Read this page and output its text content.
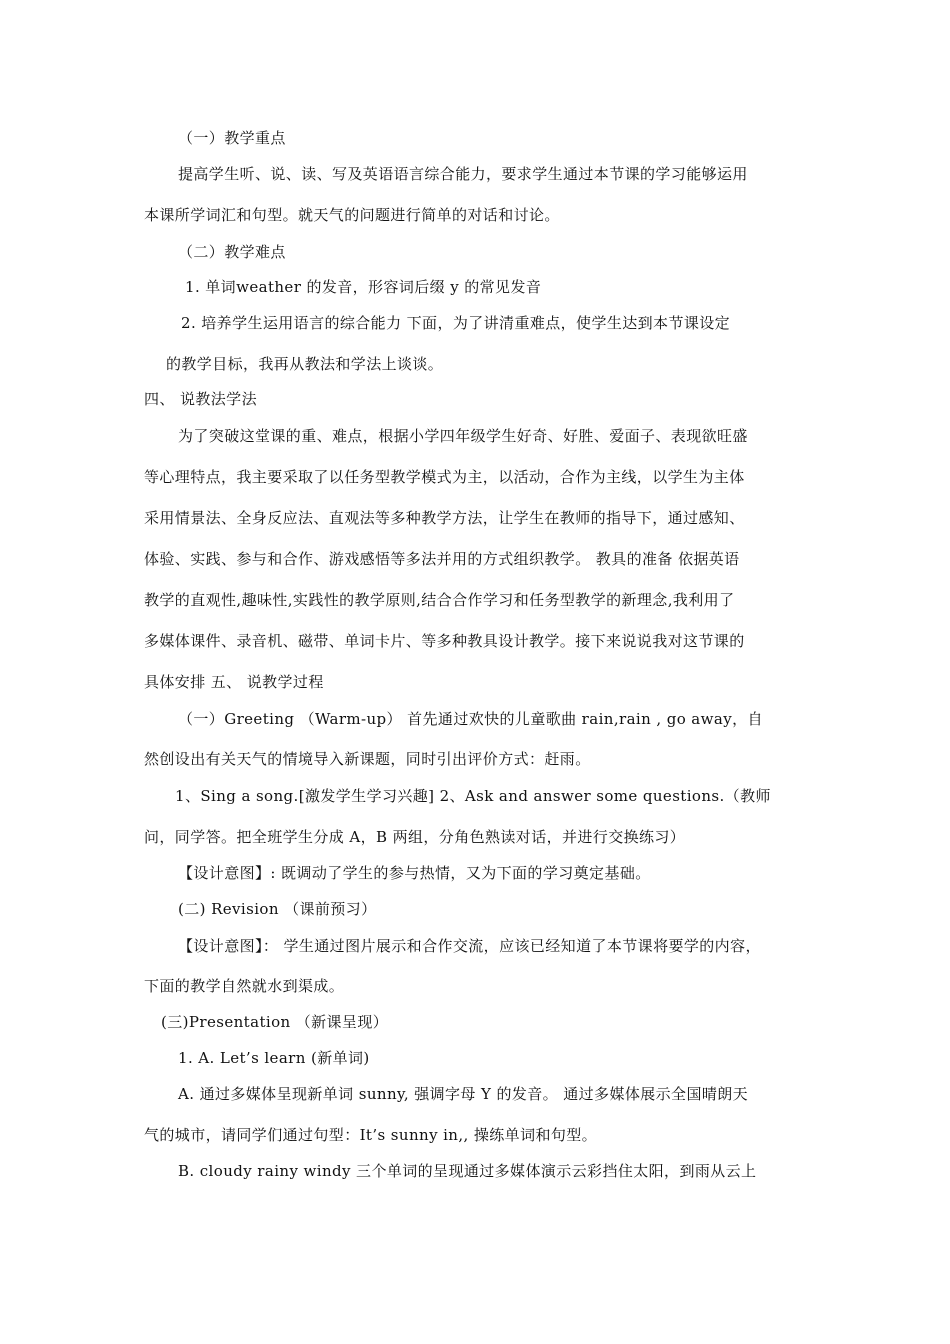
（一）教学重点
提高学生听、说、读、写及英语语言综合能力，要求学生通过本节课的学习能够运用
本课所学词汇和句型。就天气的问题进行简单的对话和讨论。
（二）教学难点
1. 单词weather 的发音，形容词后缀 y 的常见发音
2. 培养学生运用语言的综合能力 下面，为了讲清重难点，使学生达到本节课设定
的教学目标，我再从教法和学法上谈谈。
四、 说教法学法
为了突破这堂课的重、难点，根据小学四年级学生好奇、好胜、爱面子、表现欲旺盛
等心理特点，我主要采取了以任务型教学模式为主，以活动，合作为主线，以学生为主体
采用情景法、全身反应法、直观法等多种教学方法，让学生在教师的指导下，通过感知、
体验、实践、参与和合作、游戏感悟等多法并用的方式组织教学。 教具的准备 依据英语
教学的直观性,趣味性,实践性的教学原则,结合合作学习和任务型教学的新理念,我利用了
多媒体课件、录音机、磁带、单词卡片、等多种教具设计教学。接下来说说我对这节课的
具体安排 五、 说教学过程
（一）Greeting （Warm-up） 首先通过欢快的儿童歌曲 rain,rain , go away，自
然创设出有关天气的情境导入新课题，同时引出评价方式：赶雨。
1、Sing a song.[激发学生学习兴趣] 2、Ask and answer some questions.（教师
问，同学答。把全班学生分成 A，B 两组，分角色熟读对话，并进行交换练习）
【设计意图】: 既调动了学生的参与热情，又为下面的学习奠定基础。
(二) Revision （课前预习）
【设计意图】： 学生通过图片展示和合作交流，应该已经知道了本节课将要学的内容，
下面的教学自然就水到渠成。
(三)Presentation （新课呈现）
1. A. Let’s learn (新单词)
A. 通过多媒体呈现新单词 sunny, 强调字母 Y 的发音。 通过多媒体展示全国晴朗天
气的城市，请同学们通过句型：It’s sunny in,, 操练单词和句型。
B. cloudy rainy windy 三个单词的呈现通过多媒体演示云彩挡住太阳，到雨从云上
